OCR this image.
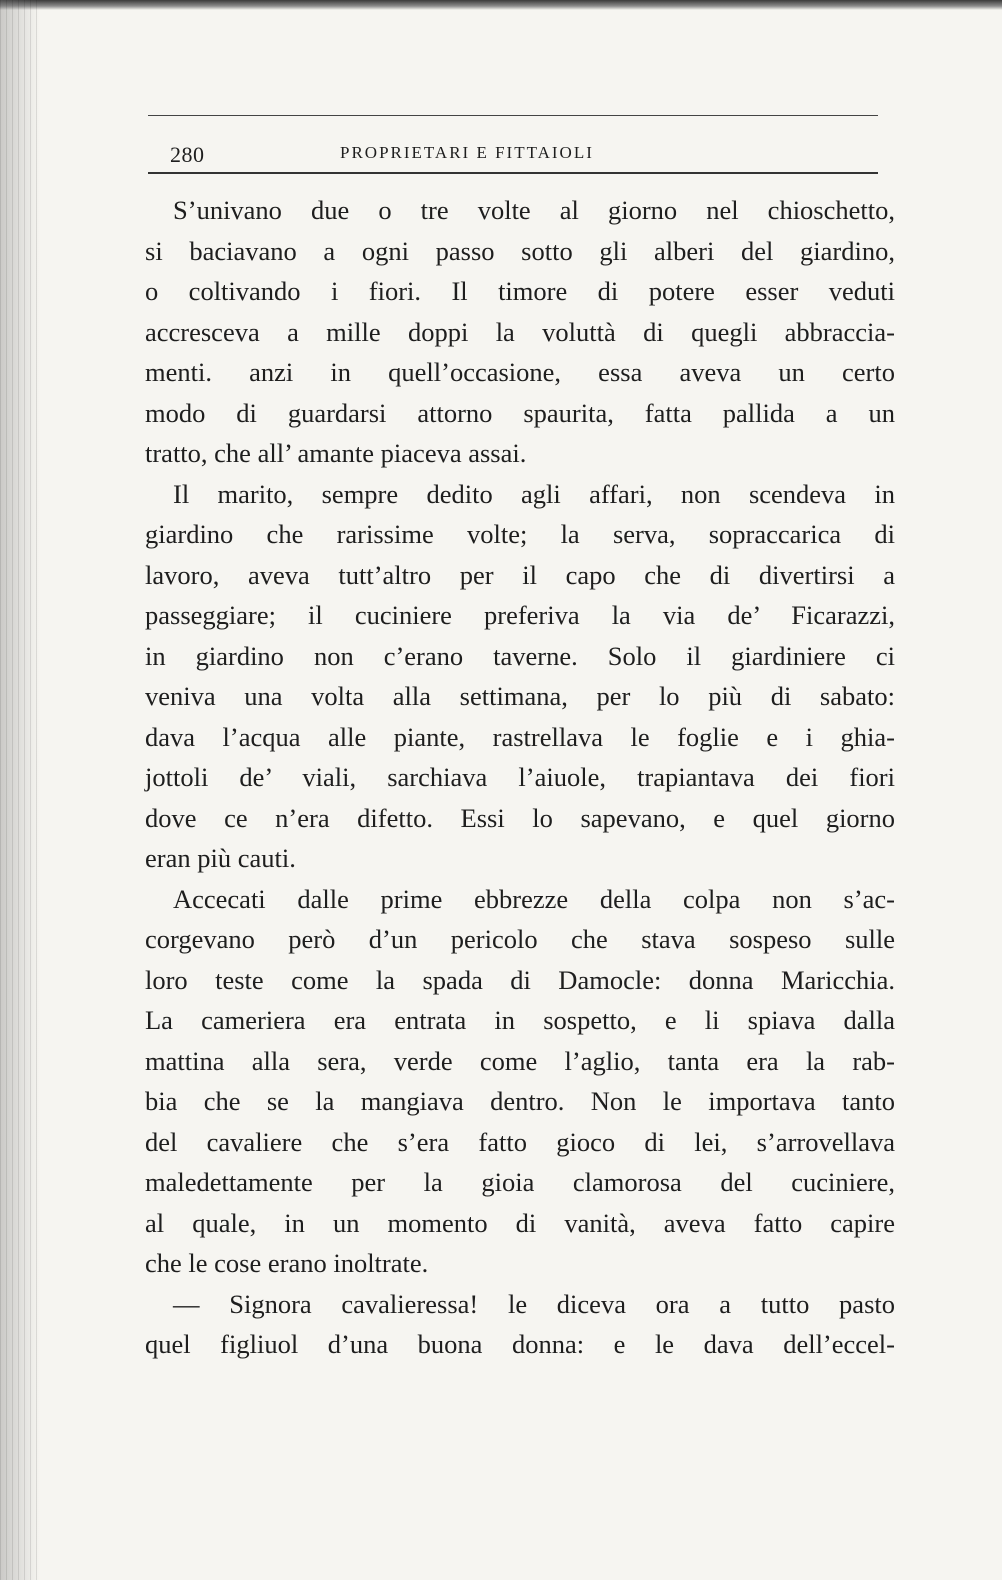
280	PROPRIETARI E FITTAIOLI

S’univano due o tre volte al giorno nel chioschetto,
si baciavano a ogni passo sotto gli alberi del giardino,
o coltivando i fiori. Il timore di potere esser veduti
accresceva a mille doppi la voluttà di quegli abbraccia-
menti. anzi in quell’occasione, essa aveva un certo
modo di guardarsi attorno spaurita, fatta pallida a un
tratto, che all’ amante piaceva assai.

Il marito, sempre dedito agli affari, non scendeva in
giardino che rarissime volte; la serva, sopraccarica di
lavoro, aveva tutt’altro per il capo che di divertirsi a
passeggiare; il cuciniere preferiva la via de’ Ficarazzi,
in giardino non c’erano taverne. Solo il giardiniere ci
veniva una volta alla settimana, per lo più di sabato:
dava l’acqua alle piante, rastrellava le foglie e i ghia-
jottoli de’ viali, sarchiava l’aiuole, trapiantava dei fiori
dove ce n’era difetto. Essi lo sapevano, e quel giorno
eran più cauti.

Accecati dalle prime ebbrezze della colpa non s’ac-
corgevano però d’un pericolo che stava sospeso sulle
loro teste come la spada di Damocle: donna Maricchia.
La cameriera era entrata in sospetto, e li spiava dalla
mattina alla sera, verde come l’aglio, tanta era la rab-
bia che se la mangiava dentro. Non le importava tanto
del cavaliere che s’era fatto gioco di lei, s’arrovellava
maledettamente per la gioia clamorosa del cuciniere,
al quale, in un momento di vanità, aveva fatto capire
che le cose erano inoltrate.

— Signora cavalieressa! le diceva ora a tutto pasto
quel figliuol d’una buona donna: e le dava dell’eccel-
